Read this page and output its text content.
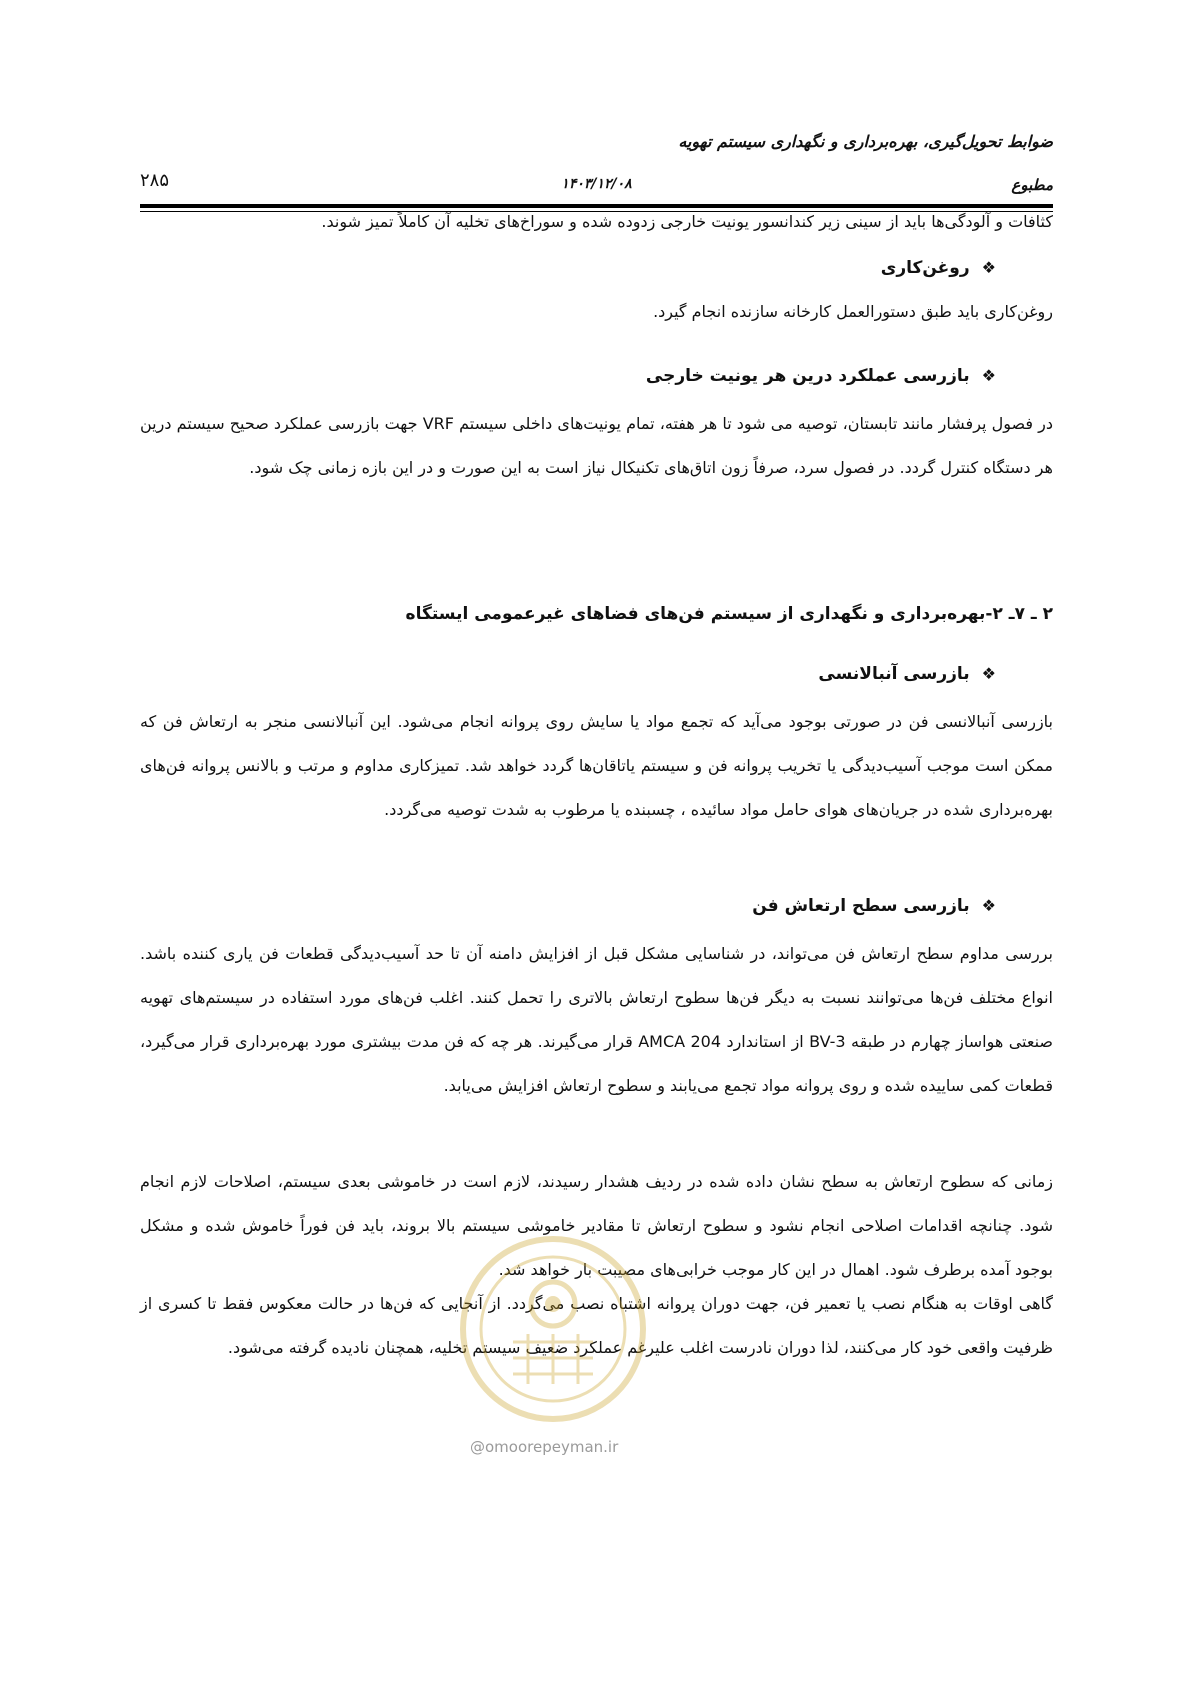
ضوابط تحویل‌گیری، بهره‌برداری و نگهداری سیستم تهویه
۲۸۵	۱۴۰۳/۱۲/۰۸	مطبوع
کثافات و آلودگی‌ها باید از سینی زیر کندانسور یونیت خارجی زدوده شده و سوراخ‌های تخلیه آن کاملاً تمیز شوند.
❖روغن‌کاری
روغن‌کاری باید طبق دستورالعمل کارخانه سازنده انجام گیرد.
❖بازرسی عملکرد درین هر یونیت خارجی
در فصول پرفشار مانند تابستان، توصیه می شود تا هر هفته، تمام یونیت‌های داخلی سیستم VRF جهت بازرسی عملکرد صحیح سیستم درین هر دستگاه کنترل گردد. در فصول سرد، صرفاً زون اتاق‌های تکنیکال نیاز است به این صورت و در این بازه زمانی چک شود.
۲ ـ ۷ـ ۲-بهره‌برداری و نگهداری از سیستم فن‌های فضاهای غیرعمومی ایستگاه
❖بازرسی آنبالانسی
بازرسی آنبالانسی فن در صورتی بوجود می‌آید که تجمع مواد یا سایش روی پروانه انجام می‌شود. این آنبالانسی منجر به ارتعاش فن که ممکن است موجب آسیب‌دیدگی یا تخریب پروانه فن و سیستم یاتاقان‌ها گردد خواهد شد. تمیزکاری مداوم و مرتب و بالانس پروانه فن‌های بهره‌برداری شده در جریان‌های هوای حامل مواد سائیده ، چسبنده یا مرطوب به شدت توصیه می‌گردد.
❖بازرسی سطح ارتعاش فن
بررسی مداوم سطح ارتعاش فن می‌تواند، در شناسایی مشکل قبل از افزایش دامنه آن تا حد آسیب‌دیدگی قطعات فن یاری کننده باشد. انواع مختلف فن‌ها می‌توانند نسبت به دیگر فن‌ها سطوح ارتعاش بالاتری را تحمل کنند. اغلب فن‌های مورد استفاده در سیستم‌های تهویه صنعتی هواساز چهارم در طبقه BV-3 از استاندارد AMCA 204 قرار می‌گیرند. هر چه که فن مدت بیشتری مورد بهره‌برداری قرار می‌گیرد، قطعات کمی ساییده شده و روی پروانه مواد تجمع می‌یابند و سطوح ارتعاش افزایش می‌یابد.
زمانی که سطوح ارتعاش به سطح نشان داده شده در ردیف هشدار رسیدند، لازم است در خاموشی بعدی سیستم، اصلاحات لازم انجام شود. چنانچه اقدامات اصلاحی انجام نشود و سطوح ارتعاش تا مقادیر خاموشی سیستم بالا بروند، باید فن فوراً خاموش شده و مشکل بوجود آمده برطرف شود. اهمال در این کار موجب خرابی‌های مصیبت بار خواهد شد.
گاهی اوقات به هنگام نصب یا تعمیر فن، جهت دوران پروانه اشتباه نصب می‌گردد. از آنجایی که فن‌ها در حالت معکوس فقط تا کسری از ظرفیت واقعی خود کار می‌کنند، لذا دوران نادرست اغلب علیرغم عملکرد ضعیف سیستم تخلیه، همچنان نادیده گرفته می‌شود.
@omoorepeyman.ir
